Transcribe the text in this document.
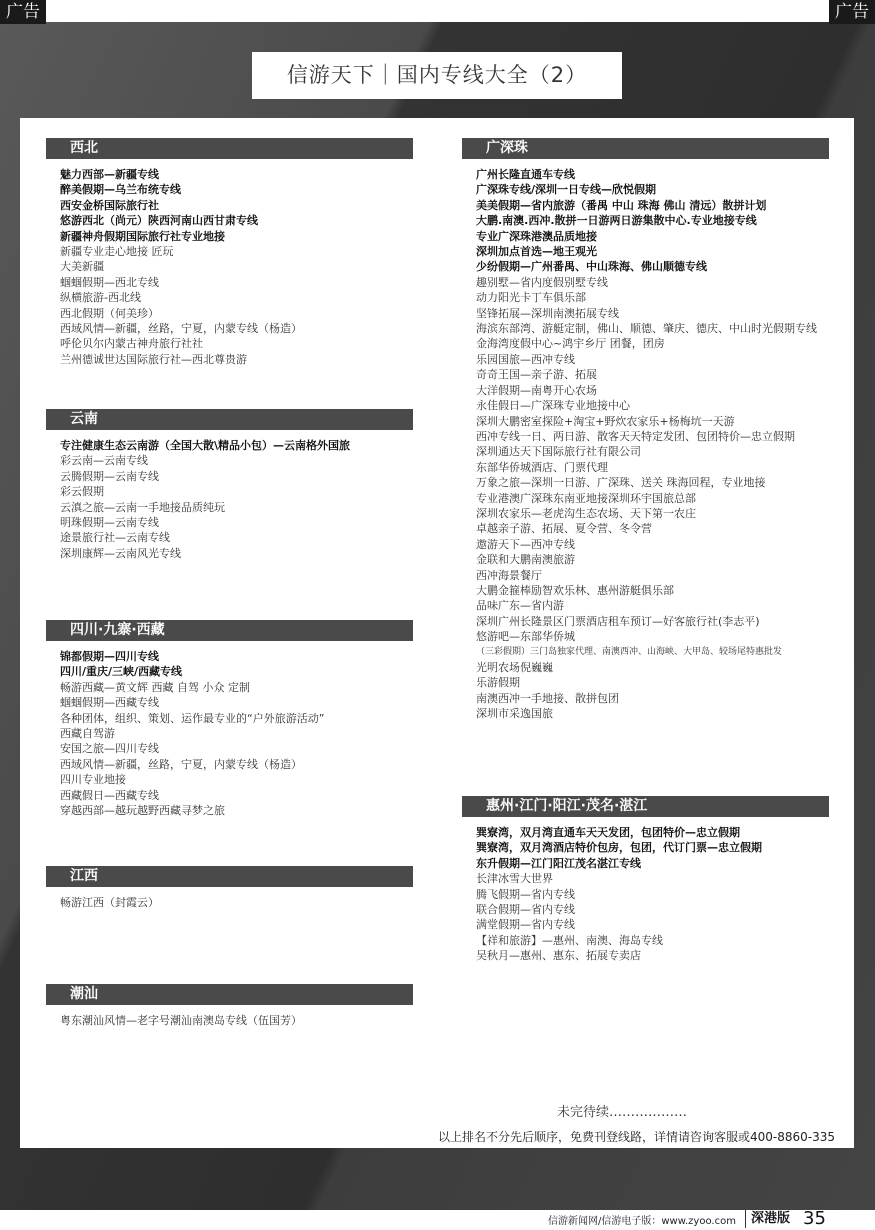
广告	广告
信游天下｜国内专线大全（2）
西北
魅力西部—新疆专线
醉美假期—乌兰布统专线
西安金桥国际旅行社
悠游西北（尚元）陕西河南山西甘肃专线
新疆神舟假期国际旅行社专业地接
新疆专业走心地接 匠玩
大美新疆
蝈蝈假期—西北专线
纵横旅游-西北线
西北假期（何美珍）
西域风情—新疆，丝路，宁夏，内蒙专线（杨造）
呼伦贝尔内蒙古神舟旅行社社
兰州德诚世达国际旅行社—西北尊贵游
云南
专注健康生态云南游（全国大散\精品小包）—云南格外国旅
彩云南—云南专线
云腾假期—云南专线
彩云假期
云滇之旅—云南一手地接品质纯玩
明珠假期—云南专线
途景旅行社—云南专线
深圳康辉—云南风光专线
四川·九寨·西藏
锦都假期—四川专线
四川/重庆/三峡/西藏专线
畅游西藏—黄文辉 西藏 自驾 小众 定制
蝈蝈假期—西藏专线
各种团体，组织、策划、运作最专业的“户外旅游活动”
西藏自驾游
安国之旅—四川专线
西域风情—新疆，丝路，宁夏，内蒙专线（杨造）
四川专业地接
西藏假日—西藏专线
穿越西部—越玩越野西藏寻梦之旅
江西
畅游江西（封霞云）
潮汕
粤东潮汕风情—老字号潮汕南澳岛专线（伍国芳）
广深珠
广州长隆直通车专线
广深珠专线/深圳一日专线—欣悦假期
美美假期—省内旅游（番禺 中山 珠海 佛山 清远）散拼计划
大鹏.南澳.西冲.散拼一日游两日游集散中心.专业地接专线
专业广深珠港澳品质地接
深圳加点首选—地王观光
少纷假期—广州番禺、中山珠海、佛山顺德专线
趣别墅—省内度假别墅专线
动力阳光卡丁车俱乐部
坚锋拓展—深圳南澳拓展专线
海滨东部湾、游艇定制，佛山、顺德、肇庆、德庆、中山时光假期专线
金海湾度假中心~鸿宇乡厅 团餐，团房
乐园国旅—西冲专线
奇奇王国—亲子游、拓展
大洋假期—南粤开心农场
永佳假日—广深珠专业地接中心
深圳大鹏密室探险+淘宝+野炊农家乐+杨梅坑一天游
西冲专线一日、两日游、散客天天特定发团、包团特价—忠立假期
深圳通达天下国际旅行社有限公司
东部华侨城酒店、门票代理
万象之旅—深圳一日游、广深珠、送关 珠海回程，专业地接
专业港澳广深珠东南亚地接深圳环宇国旅总部
深圳农家乐—老虎沟生态农场、天下第一农庄
卓越亲子游、拓展、夏令营、冬令营
遨游天下—西冲专线
金联和大鹏南澳旅游
西冲海景餐厅
大鹏金箍棒励智欢乐林、惠州游艇俱乐部
品味广东—省内游
深圳广州长隆景区门票酒店租车预订—好客旅行社(李志平)
悠游吧—东部华侨城
（三彩假期）三门岛独家代理、南澳西冲、山海峡、大甲岛、较场尾特惠批发
光明农场倪巍巍
乐游假期
南澳西冲一手地接、散拼包团
深圳市采逸国旅
惠州·江门·阳江·茂名·湛江
巽寮湾，双月湾直通车天天发团，包团特价—忠立假期
巽寮湾，双月湾酒店特价包房，包团，代订门票—忠立假期
东升假期—江门阳江茂名湛江专线
长津冰雪大世界
腾飞假期—省内专线
联合假期—省内专线
满堂假期—省内专线
【祥和旅游】—惠州、南澳、海岛专线
吴秋月—惠州、惠东、拓展专卖店
未完待续………………
以上排名不分先后顺序，免费刊登线路，详情请咨询客服或400-8860-335
信游新闻网/信游电子版：www.zyoo.com	深港版 35
